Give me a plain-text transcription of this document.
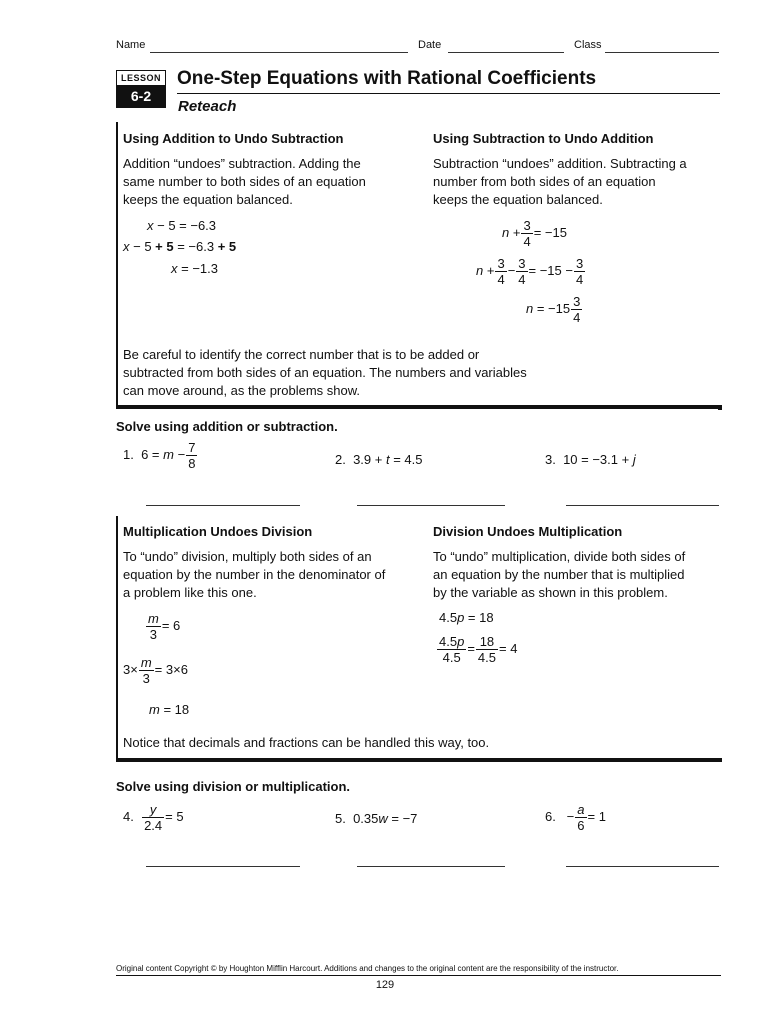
Name	Date	Class
LESSON
6-2
One-Step Equations with Rational Coefficients
Reteach
Using Addition to Undo Subtraction
Addition “undoes” subtraction. Adding the
same number to both sides of an equation
keeps the equation balanced.
x − 5 = −6.3
x − 5 + 5 = −6.3 + 5
x = −1.3
Using Subtraction to Undo Addition
Subtraction “undoes” addition. Subtracting a
number from both sides of an equation
keeps the equation balanced.
$n + \frac{3}{4} = -15$
$n + \frac{3}{4} - \frac{3}{4} = -15 - \frac{3}{4}$
$n = -15 \frac{3}{4}$
Be careful to identify the correct number that is to be added or
subtracted from both sides of an equation. The numbers and variables
can move around, as the problems show.
Solve using addition or subtraction.
1.  $6 = m - \frac{7}{8}$	2.  3.9 + t = 4.5	3.  10 = −3.1 + j
Multiplication Undoes Division
To “undo” division, multiply both sides of an
equation by the number in the denominator of
a problem like this one.
$\frac{m}{3} = 6$
$3\times \frac{m}{3} = 3\times 6$
m = 18
Division Undoes Multiplication
To “undo” multiplication, divide both sides of
an equation by the number that is multiplied
by the variable as shown in this problem.
4.5p = 18
$\frac{4.5p}{4.5} = \frac{18}{4.5} = 4$
Notice that decimals and fractions can be handled this way, too.
Solve using division or multiplication.
4. $\frac{y}{2.4} = 5$	5.  0.35w = −7	6.   − $\frac{a}{6} = 1$
Original content Copyright © by Houghton Mifflin Harcourt. Additions and changes to the original content are the responsibility of the instructor.
129
